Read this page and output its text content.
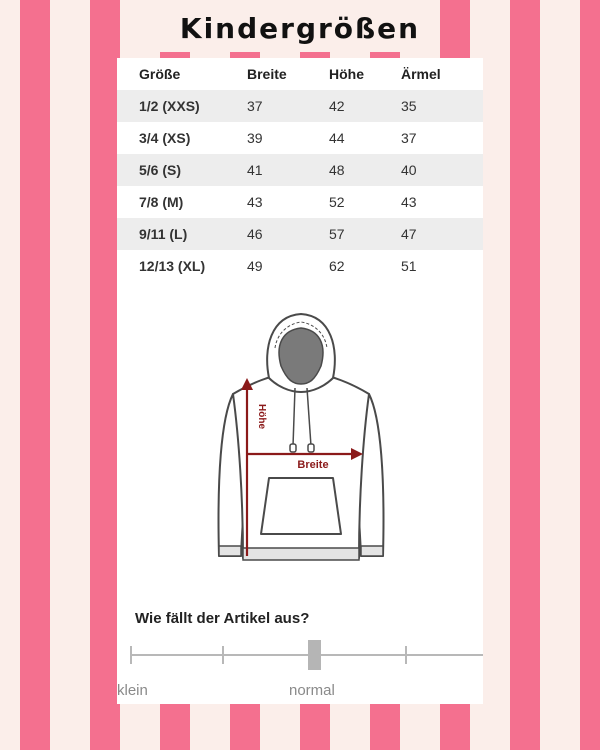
Kindergrößen
Größe	Breite	Höhe	Ärmel
1/2 (XXS)	37	42	35
3/4 (XS)	39	44	37
5/6 (S)	41	48	40
7/8 (M)	43	52	43
9/11 (L)	46	57	47
12/13 (XL)	49	62	51
Höhe
Breite
Wie fällt der Artikel aus?
klein	normal
